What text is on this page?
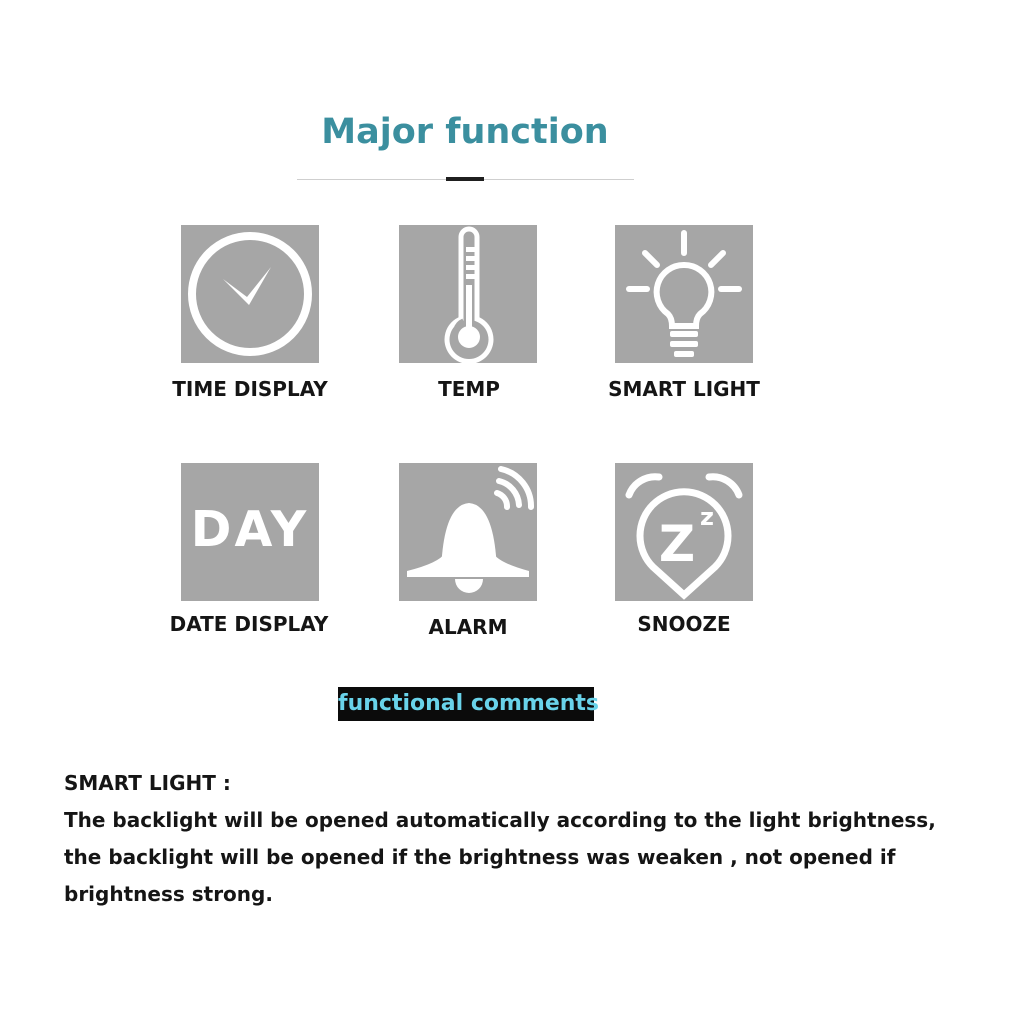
Major function
TIME DISPLAY	TEMP	SMART LIGHT
DAY
DATE DISPLAY	ALARM
Z z
SNOOZE
functional comments
SMART LIGHT :
The backlight will be opened automatically according to the light brightness,
the backlight will be opened if the brightness was weaken , not opened if
brightness strong.
